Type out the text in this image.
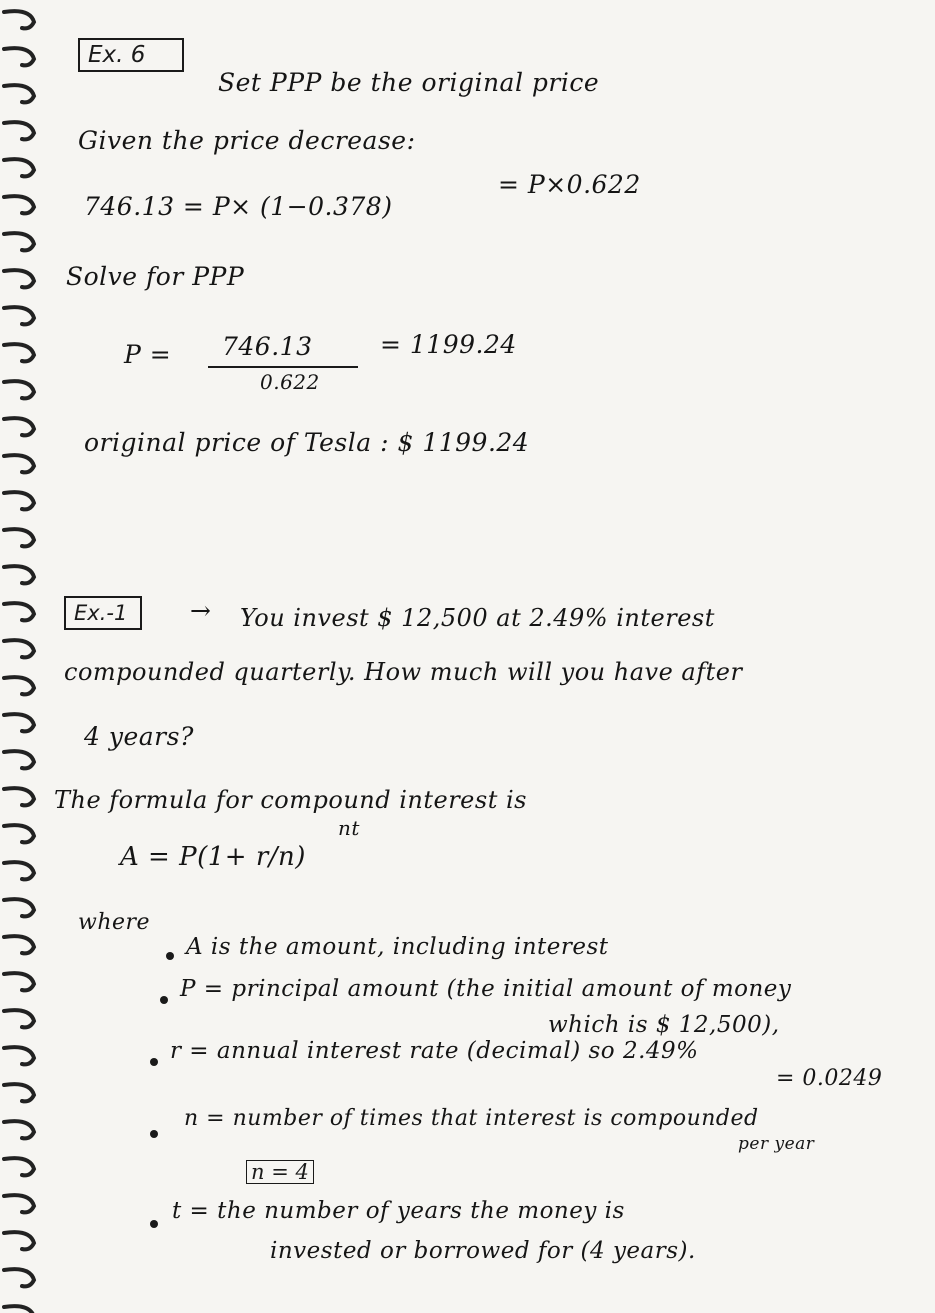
Ex. 6
Set PPP be the original price
Given the price decrease:
746.13 = P× (1−0.378)
= P×0.622
Solve for PPP
P = 746.13
0.622
= 1199.24
original price of Tesla : $ 1199.24
Ex.-1	→ You invest $ 12,500 at 2.49% interest
compounded quarterly. How much will you have after
4 years?
The formula for compound interest is
A = P(1+ r/n)
nt
where
A is the amount, including interest
P = principal amount (the initial amount of money
which is $ 12,500),
r = annual interest rate (decimal) so 2.49%
= 0.0249
n = number of times that interest is compounded
per year
n = 4
t = the number of years the money is
invested or borrowed for (4 years).
